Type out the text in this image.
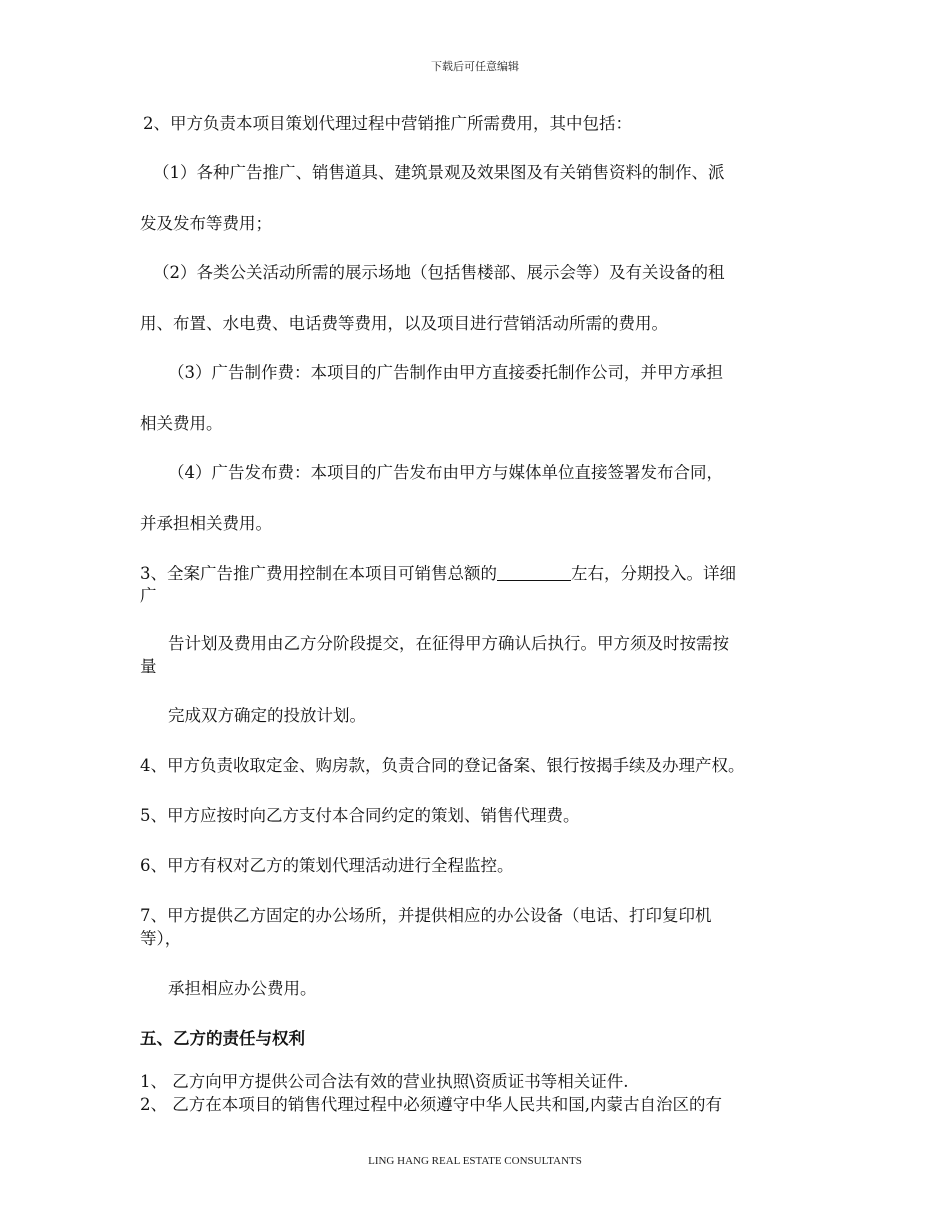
下载后可任意编辑
2、甲方负责本项目策划代理过程中营销推广所需费用，其中包括：
（1）各种广告推广、销售道具、建筑景观及效果图及有关销售资料的制作、派
发及发布等费用；
（2）各类公关活动所需的展示场地（包括售楼部、展示会等）及有关设备的租
用、布置、水电费、电话费等费用，以及项目进行营销活动所需的费用。
（3）广告制作费：本项目的广告制作由甲方直接委托制作公司，并甲方承担
相关费用。
（4）广告发布费：本项目的广告发布由甲方与媒体单位直接签署发布合同，
并承担相关费用。
3、全案广告推广费用控制在本项目可销售总额的	左右，分期投入。详细
广
告计划及费用由乙方分阶段提交，在征得甲方确认后执行。甲方须及时按需按
量
完成双方确定的投放计划。
4、甲方负责收取定金、购房款，负责合同的登记备案、银行按揭手续及办理产权。
5、甲方应按时向乙方支付本合同约定的策划、销售代理费。
6、甲方有权对乙方的策划代理活动进行全程监控。
7、甲方提供乙方固定的办公场所，并提供相应的办公设备（电话、打印复印机
等），
承担相应办公费用。
五、乙方的责任与权利
1、 乙方向甲方提供公司合法有效的营业执照\资质证书等相关证件.
2、 乙方在本项目的销售代理过程中必须遵守中华人民共和国,内蒙古自治区的有
LING HANG REAL ESTATE CONSULTANTS
